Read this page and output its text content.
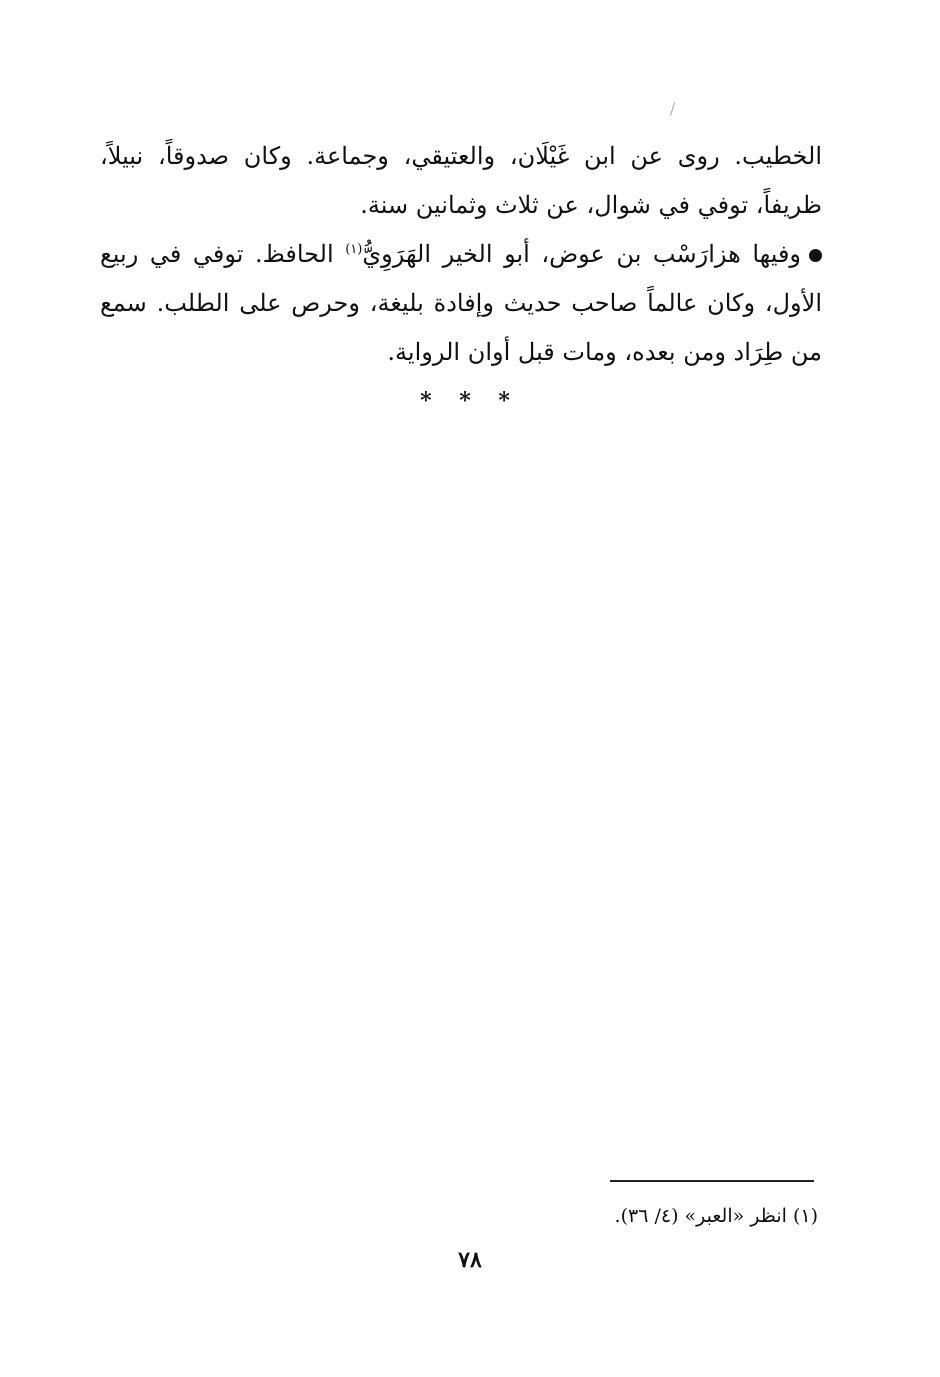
الخطيب. روى عن ابن غَيْلَان، والعتيقي، وجماعة. وكان صدوقاً، نبيلاً، ظريفاً، توفي في شوال، عن ثلاث وثمانين سنة.

وفيها هزارَسْب بن عوض، أبو الخير الهَرَوِيُّ$^{(١)}$ الحافظ. توفي في ربيع الأول، وكان عالماً صاحب حديث وإفادة بليغة، وحرص على الطلب. سمع من طِرَاد ومن بعده، ومات قبل أوان الرواية.

* * *
(١) انظر «العبر» (٤/ ٣٦).
٧٨
